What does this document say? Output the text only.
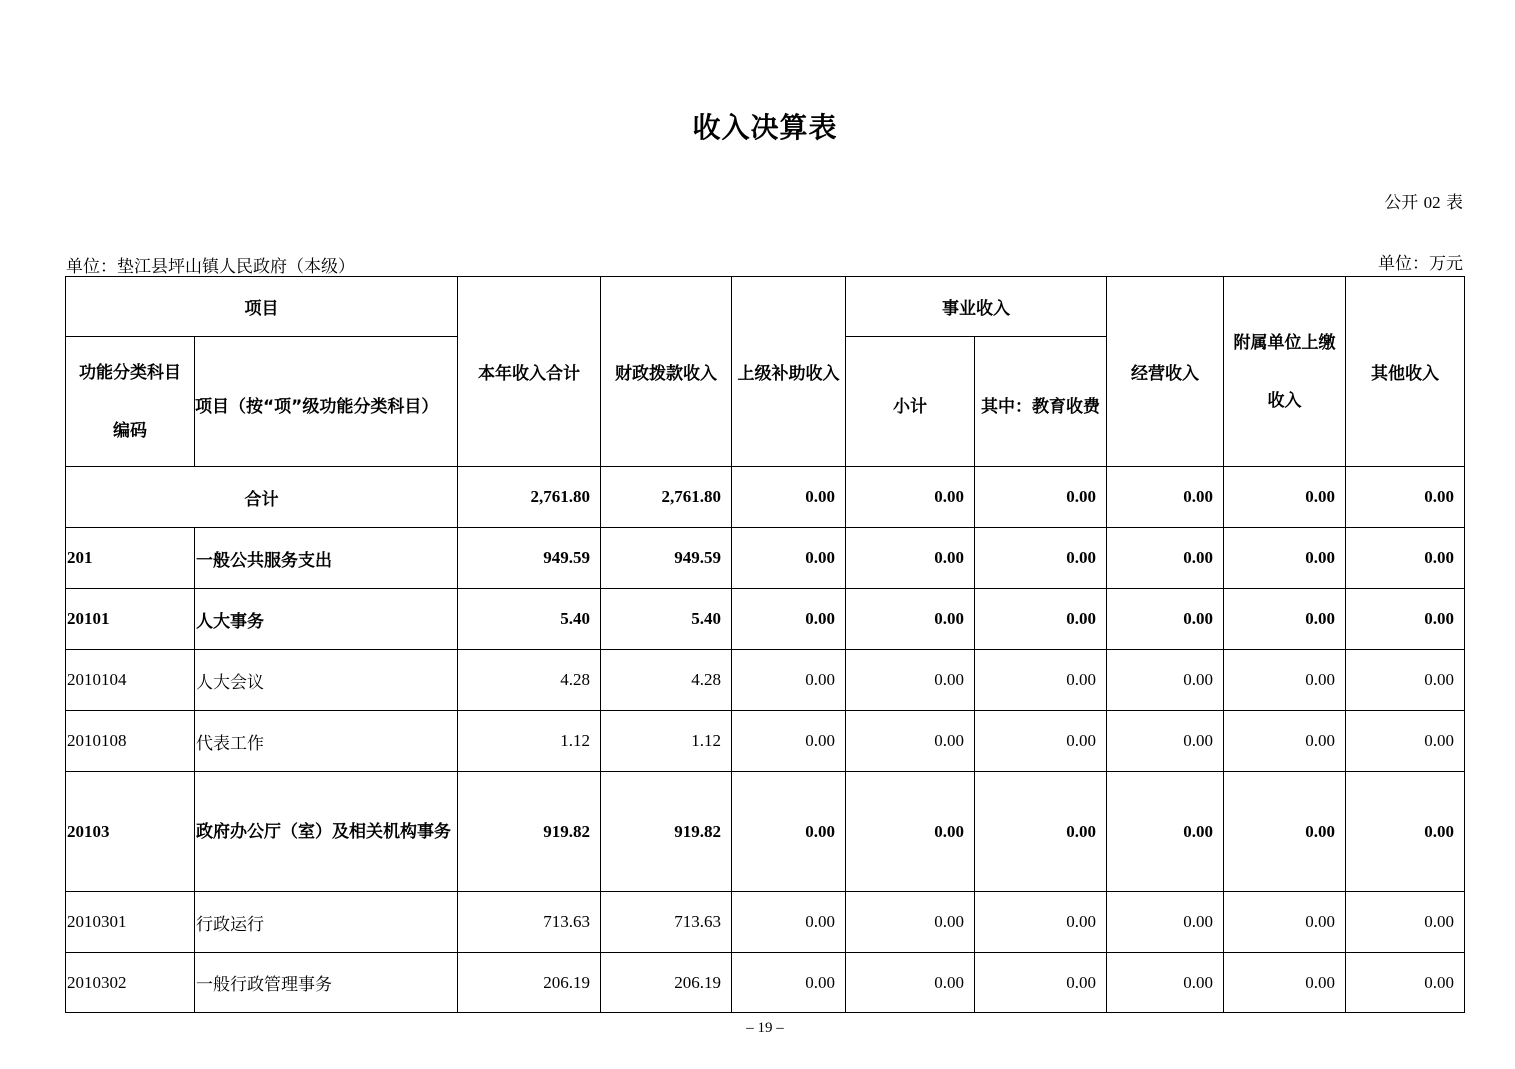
收入决算表
公开 02 表
单位：垫江县坪山镇人民政府（本级）	单位：万元
项目		本年收入合计	财政拨款收入	上级补助收入	事业收入		经营收入	附属单位上缴收入	其他收入
功能分类科目编码	项目（按“项”级功能分类科目）				小计	其中：教育收费			
合计		2,761.80	2,761.80	0.00	0.00	0.00	0.00	0.00	0.00
201	一般公共服务支出	949.59	949.59	0.00	0.00	0.00	0.00	0.00	0.00
20101	人大事务	5.40	5.40	0.00	0.00	0.00	0.00	0.00	0.00
2010104	人大会议	4.28	4.28	0.00	0.00	0.00	0.00	0.00	0.00
2010108	代表工作	1.12	1.12	0.00	0.00	0.00	0.00	0.00	0.00
20103	政府办公厅（室）及相关机构事务	919.82	919.82	0.00	0.00	0.00	0.00	0.00	0.00
2010301	行政运行	713.63	713.63	0.00	0.00	0.00	0.00	0.00	0.00
2010302	一般行政管理事务	206.19	206.19	0.00	0.00	0.00	0.00	0.00	0.00
– 19 –
